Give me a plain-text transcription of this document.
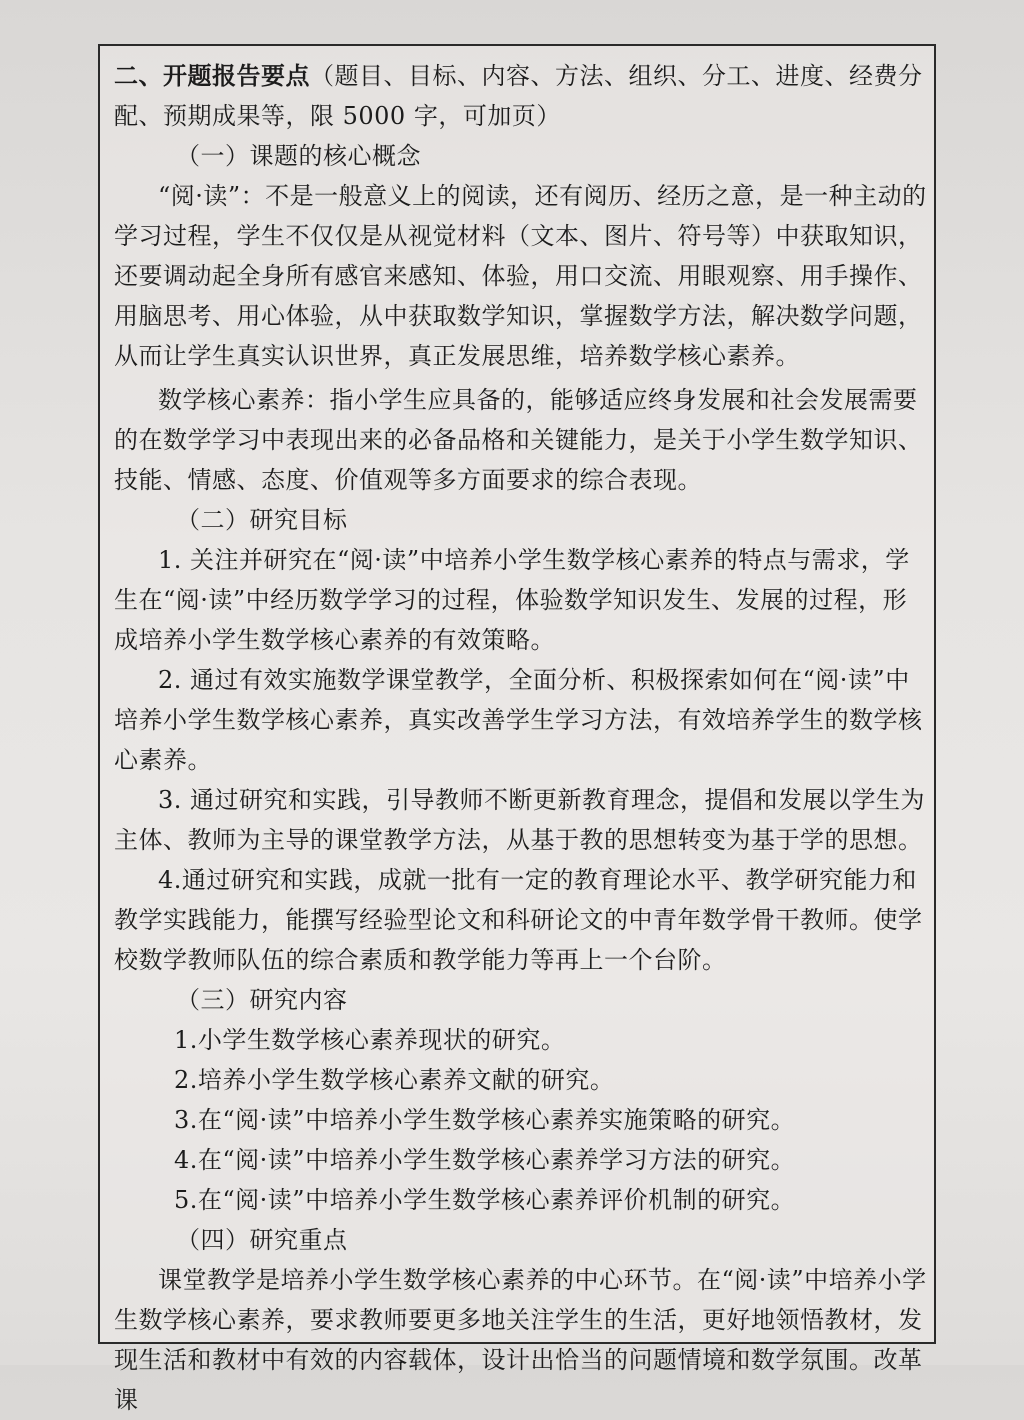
二、开题报告要点（题目、目标、内容、方法、组织、分工、进度、经费分配、预期成果等，限 5000 字，可加页）

（一）课题的核心概念

“阅·读”：不是一般意义上的阅读，还有阅历、经历之意，是一种主动的学习过程，学生不仅仅是从视觉材料（文本、图片、符号等）中获取知识，还要调动起全身所有感官来感知、体验，用口交流、用眼观察、用手操作、用脑思考、用心体验，从中获取数学知识，掌握数学方法，解决数学问题，从而让学生真实认识世界，真正发展思维，培养数学核心素养。

数学核心素养：指小学生应具备的，能够适应终身发展和社会发展需要的在数学学习中表现出来的必备品格和关键能力，是关于小学生数学知识、技能、情感、态度、价值观等多方面要求的综合表现。

（二）研究目标

1. 关注并研究在“阅·读”中培养小学生数学核心素养的特点与需求，学生在“阅·读”中经历数学学习的过程，体验数学知识发生、发展的过程，形成培养小学生数学核心素养的有效策略。

2. 通过有效实施数学课堂教学，全面分析、积极探索如何在“阅·读”中培养小学生数学核心素养，真实改善学生学习方法，有效培养学生的数学核心素养。

3. 通过研究和实践，引导教师不断更新教育理念，提倡和发展以学生为主体、教师为主导的课堂教学方法，从基于教的思想转变为基于学的思想。

4.通过研究和实践，成就一批有一定的教育理论水平、教学研究能力和教学实践能力，能撰写经验型论文和科研论文的中青年数学骨干教师。使学校数学教师队伍的综合素质和教学能力等再上一个台阶。

（三）研究内容

1.小学生数学核心素养现状的研究。

2.培养小学生数学核心素养文献的研究。

3.在“阅·读”中培养小学生数学核心素养实施策略的研究。

4.在“阅·读”中培养小学生数学核心素养学习方法的研究。

5.在“阅·读”中培养小学生数学核心素养评价机制的研究。

（四）研究重点

课堂教学是培养小学生数学核心素养的中心环节。在“阅·读”中培养小学生数学核心素养，要求教师要更多地关注学生的生活，更好地领悟教材，发现生活和教材中有效的内容载体，设计出恰当的问题情境和数学氛围。改革课
